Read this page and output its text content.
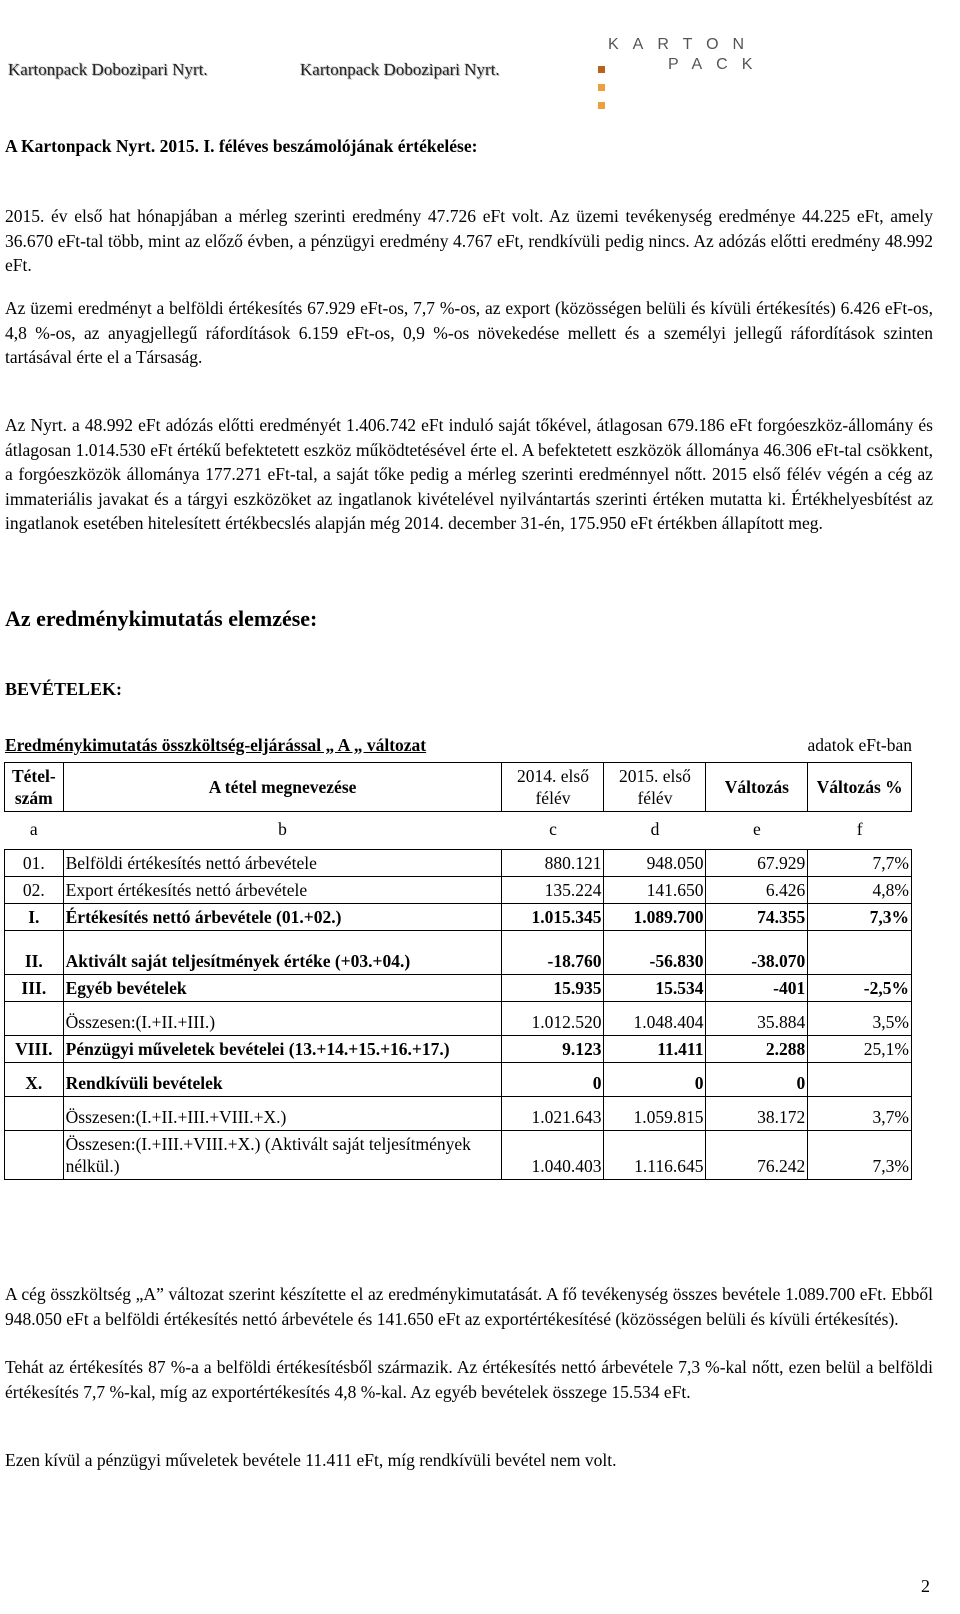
Kartonpack Dobozipari Nyrt.	Kartonpack Dobozipari Nyrt.
KARTON
PACK
A Kartonpack Nyrt. 2015. I. féléves beszámolójának értékelése:

2015. év első hat hónapjában a mérleg szerinti eredmény 47.726 eFt volt. Az üzemi tevékenység eredménye 44.225 eFt, amely 36.670 eFt-tal több, mint az előző évben, a pénzügyi eredmény 4.767 eFt, rendkívüli pedig nincs. Az adózás előtti eredmény 48.992 eFt.

Az üzemi eredményt a belföldi értékesítés 67.929 eFt-os, 7,7 %-os, az export (közösségen belüli és kívüli értékesítés) 6.426 eFt-os, 4,8 %-os, az anyagjellegű ráfordítások 6.159 eFt-os, 0,9 %-os növekedése mellett és a személyi jellegű ráfordítások szinten tartásával érte el a Társaság.

Az Nyrt. a 48.992 eFt adózás előtti eredményét 1.406.742 eFt induló saját tőkével, átlagosan 679.186 eFt forgóeszköz-állomány és átlagosan 1.014.530 eFt értékű befektetett eszköz működtetésével érte el. A befektetett eszközök állománya 46.306 eFt-tal csökkent, a forgóeszközök állománya 177.271 eFt-tal, a saját tőke pedig a mérleg szerinti eredménnyel nőtt. 2015 első félév végén a cég az immateriális javakat és a tárgyi eszközöket az ingatlanok kivételével nyilvántartás szerinti értéken mutatta ki. Értékhelyesbítést az ingatlanok esetében hitelesített értékbecslés alapján még 2014. december 31-én, 175.950 eFt értékben állapított meg.

Az eredménykimutatás elemzése:
BEVÉTELEK:
Eredménykimutatás összköltség-eljárással „ A „ változat	adatok eFt-ban
Tétel-szám	A tétel megnevezése	2014. első félév	2015. első félév	Változás	Változás %
a	b	c	d	e	f

01.	Belföldi értékesítés nettó árbevétele	880.121	948.050	67.929	7,7%
02.	Export értékesítés nettó árbevétele	135.224	141.650	6.426	4,8%
I.	Értékesítés nettó árbevétele (01.+02.)	1.015.345	1.089.700	74.355	7,3%
II.	Aktivált saját teljesítmények értéke (+03.+04.)	-18.760	-56.830	-38.070	
III.	Egyéb bevételek	15.935	15.534	-401	-2,5%
	Összesen:(I.+II.+III.)	1.012.520	1.048.404	35.884	3,5%
VIII.	Pénzügyi műveletek bevételei (13.+14.+15.+16.+17.)	9.123	11.411	2.288	25,1%
X.	Rendkívüli bevételek	0	0	0	
	Összesen:(I.+II.+III.+VIII.+X.)	1.021.643	1.059.815	38.172	3,7%
	Összesen:(I.+III.+VIII.+X.) (Aktivált saját teljesítmények nélkül.)	1.040.403	1.116.645	76.242	7,3%

A cég összköltség „A” változat szerint készítette el az eredménykimutatását. A fő tevékenység összes bevétele 1.089.700 eFt. Ebből 948.050 eFt a belföldi értékesítés nettó árbevétele és 141.650 eFt az exportértékesítésé (közösségen belüli és kívüli értékesítés).

Tehát az értékesítés 87 %-a a belföldi értékesítésből származik. Az értékesítés nettó árbevétele 7,3 %-kal nőtt, ezen belül a belföldi értékesítés 7,7 %-kal, míg az exportértékesítés 4,8 %-kal. Az egyéb bevételek összege 15.534 eFt.

Ezen kívül a pénzügyi műveletek bevétele 11.411 eFt, míg rendkívüli bevétel nem volt.

2
